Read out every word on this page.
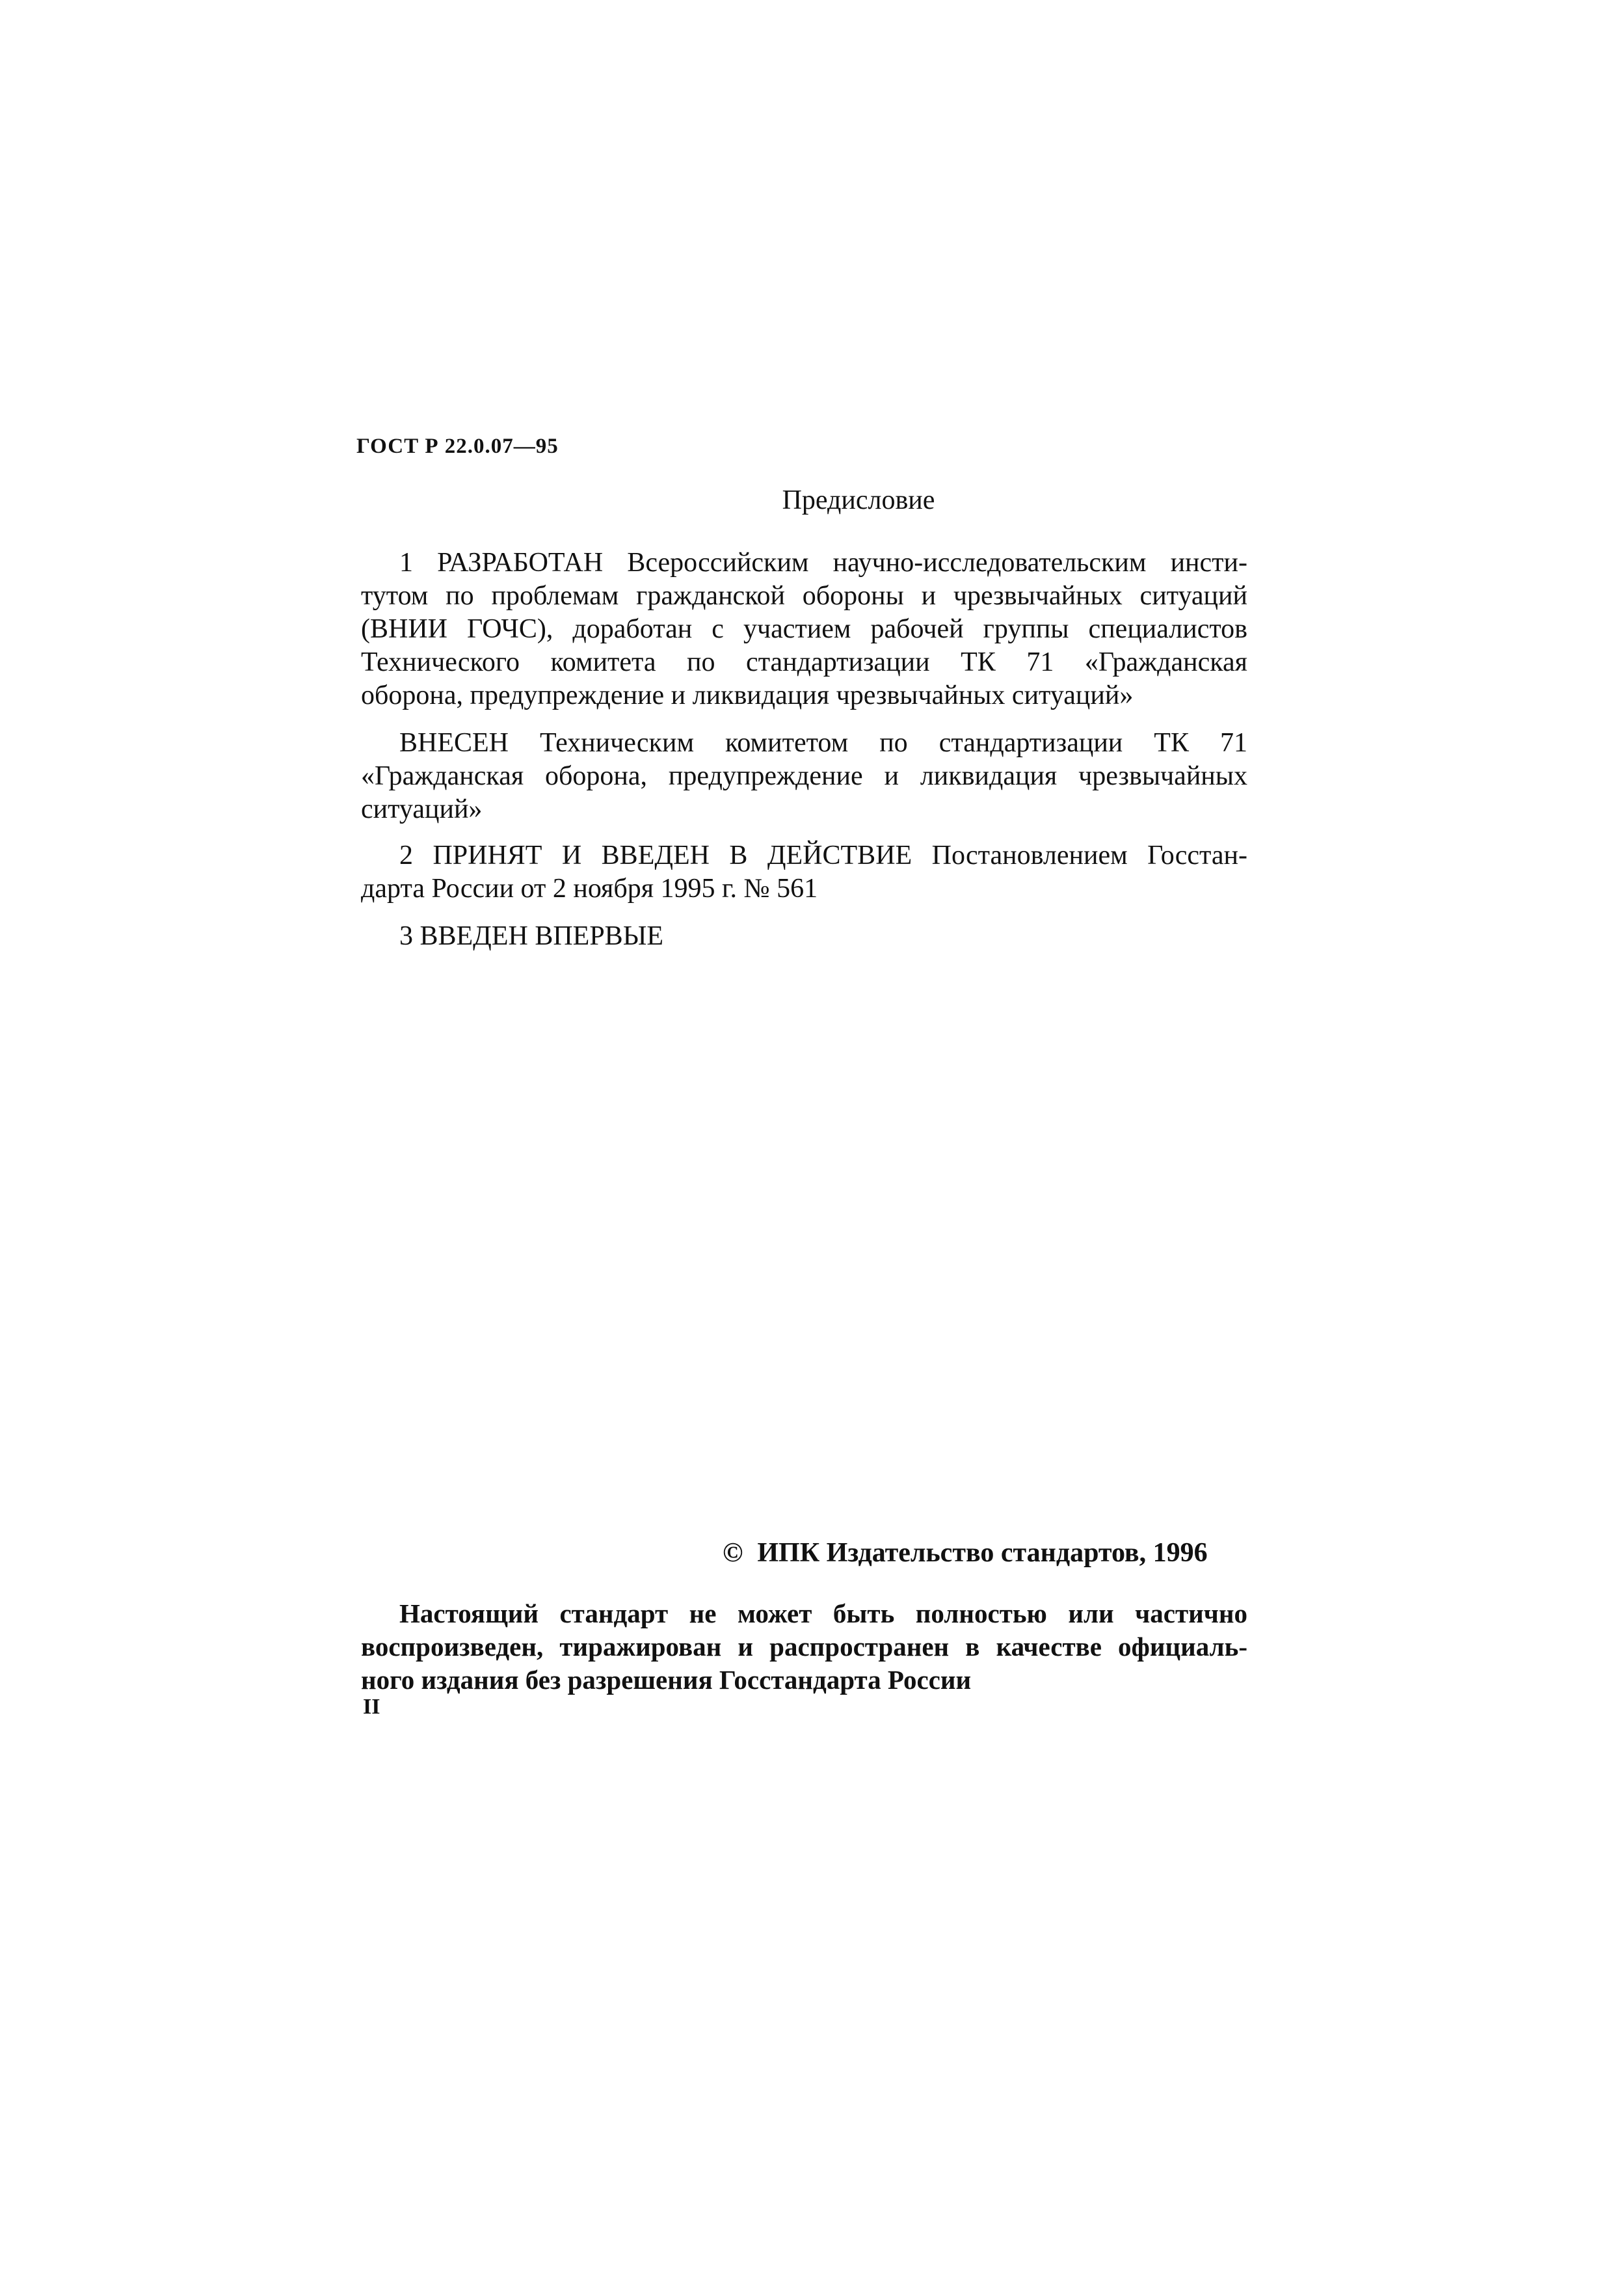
ГОСТ Р 22.0.07—95
Предисловие
1 РАЗРАБОТАН Всероссийским научно-исследовательским инсти-
тутом по проблемам гражданской обороны и чрезвычайных ситуаций
(ВНИИ ГОЧС), доработан с участием рабочей группы специалистов
Технического комитета по стандартизации ТК 71 «Гражданская
оборона, предупреждение и ликвидация чрезвычайных ситуаций»
ВНЕСЕН Техническим комитетом по стандартизации ТК 71
«Гражданская оборона, предупреждение и ликвидация чрезвычайных
ситуаций»
2 ПРИНЯТ И ВВЕДЕН В ДЕЙСТВИЕ Постановлением Госстан-
дарта России от 2 ноября 1995 г. № 561
3 ВВЕДЕН ВПЕРВЫЕ
© ИПК Издательство стандартов, 1996
Настоящий стандарт не может быть полностью или частично
воспроизведен, тиражирован и распространен в качестве официаль-
ного издания без разрешения Госстандарта России
II
